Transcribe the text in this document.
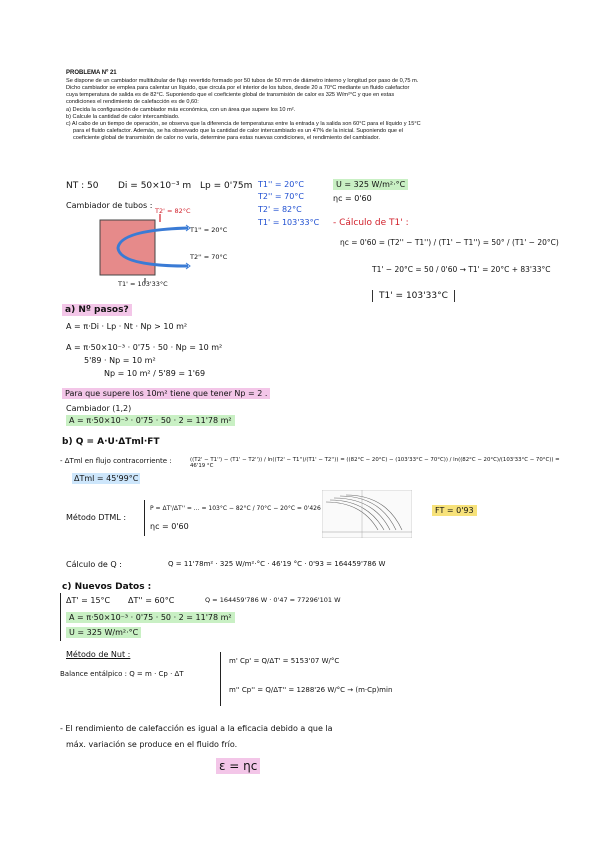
PROBLEMA Nº 21

Se dispone de un cambiador multitubular de flujo revertido formado por 50 tubos de 50 mm de diámetro interno y longitud por paso de 0,75 m. Dicho cambiador se emplea para calentar un líquido, que circula por el interior de los tubos, desde 20 a 70°C mediante un fluido calefactor cuya temperatura de salida es de 82°C. Suponiendo que el coeficiente global de transmisión de calor es 325 W/m²°C y que en estas condiciones el rendimiento de calefacción es de 0,60:

a) Decida la configuración de cambiador más económica, con un área que supere los 10 m².

b) Calcule la cantidad de calor intercambiado.

c) Al cabo de un tiempo de operación, se observa que la diferencia de temperaturas entre la entrada y la salida son 60°C para el líquido y 15°C para el fluido calefactor. Además, se ha observado que la cantidad de calor intercambiado es un 47% de la inicial. Suponiendo que el coeficiente global de transmisión de calor no varía, determine para estas nuevas condiciones, el rendimiento del cambiador.

NT : 50 Di = 50×10⁻³ m Lp = 0'75m T1'' = 20°C
T2'' = 70°C
T2' = 82°C
T1' = 103'33°C
U = 325 W/m²·°C
ηc = 0'60
Cambiador de tubos :
T2' = 82°C
T1'' = 20°C
T2'' = 70°C
T1' = 103'33°C
- Cálculo de T1' :
ηc = 0'60 = (T2'' − T1'') / (T1' − T1'') = 50° / (T1' − 20°C)
T1' − 20°C = 50 / 0'60 → T1' = 20°C + 83'33°C
T1' = 103'33°C
a) Nº pasos?
A = π·Di · Lp · Nt · Np > 10 m²
A = π·50×10⁻³ · 0'75 · 50 · Np = 10 m²
5'89 · Np = 10 m²
Np = 10 m² / 5'89 = 1'69
Para que supere los 10m² tiene que tener Np = 2 .
Cambiador (1,2)
A = π·50×10⁻³ · 0'75 · 50 · 2 = 11'78 m²
b) Q = A·U·ΔTml·FT
- ΔTml en flujo contracorriente :	((T2' − T1'') − (T1' − T2'')) / ln((T2' − T1'')/(T1' − T2'')) = ((82°C − 20°C) − (103'33°C − 70°C)) / ln((82°C − 20°C)/(103'33°C − 70°C)) = 46'19 °C
ΔTml = 45'99°C
Método DTML :
P = ΔT'/ΔT'' = ... = 103°C − 82°C / 70°C − 20°C = 0'426
ηc = 0'60
FT = 0'93
Cálculo de Q :	Q = 11'78m² · 325 W/m²·°C · 46'19 °C · 0'93 = 164459'786 W
c) Nuevos Datos :
ΔT' = 15°C ΔT'' = 60°C
A = π·50×10⁻³ · 0'75 · 50 · 2 = 11'78 m²
U = 325 W/m²·°C
Q = 164459'786 W · 0'47 = 77296'101 W
Método de Nut :
Balance entálpico : Q = m · Cp · ΔT
m' Cp' = Q/ΔT' = 5153'07 W/°C
m'' Cp'' = Q/ΔT'' = 1288'26 W/°C → (m·Cp)min
- El rendimiento de calefacción es igual a la eficacia debido a que la
máx. variación se produce en el fluido frío.
ε = ηc
